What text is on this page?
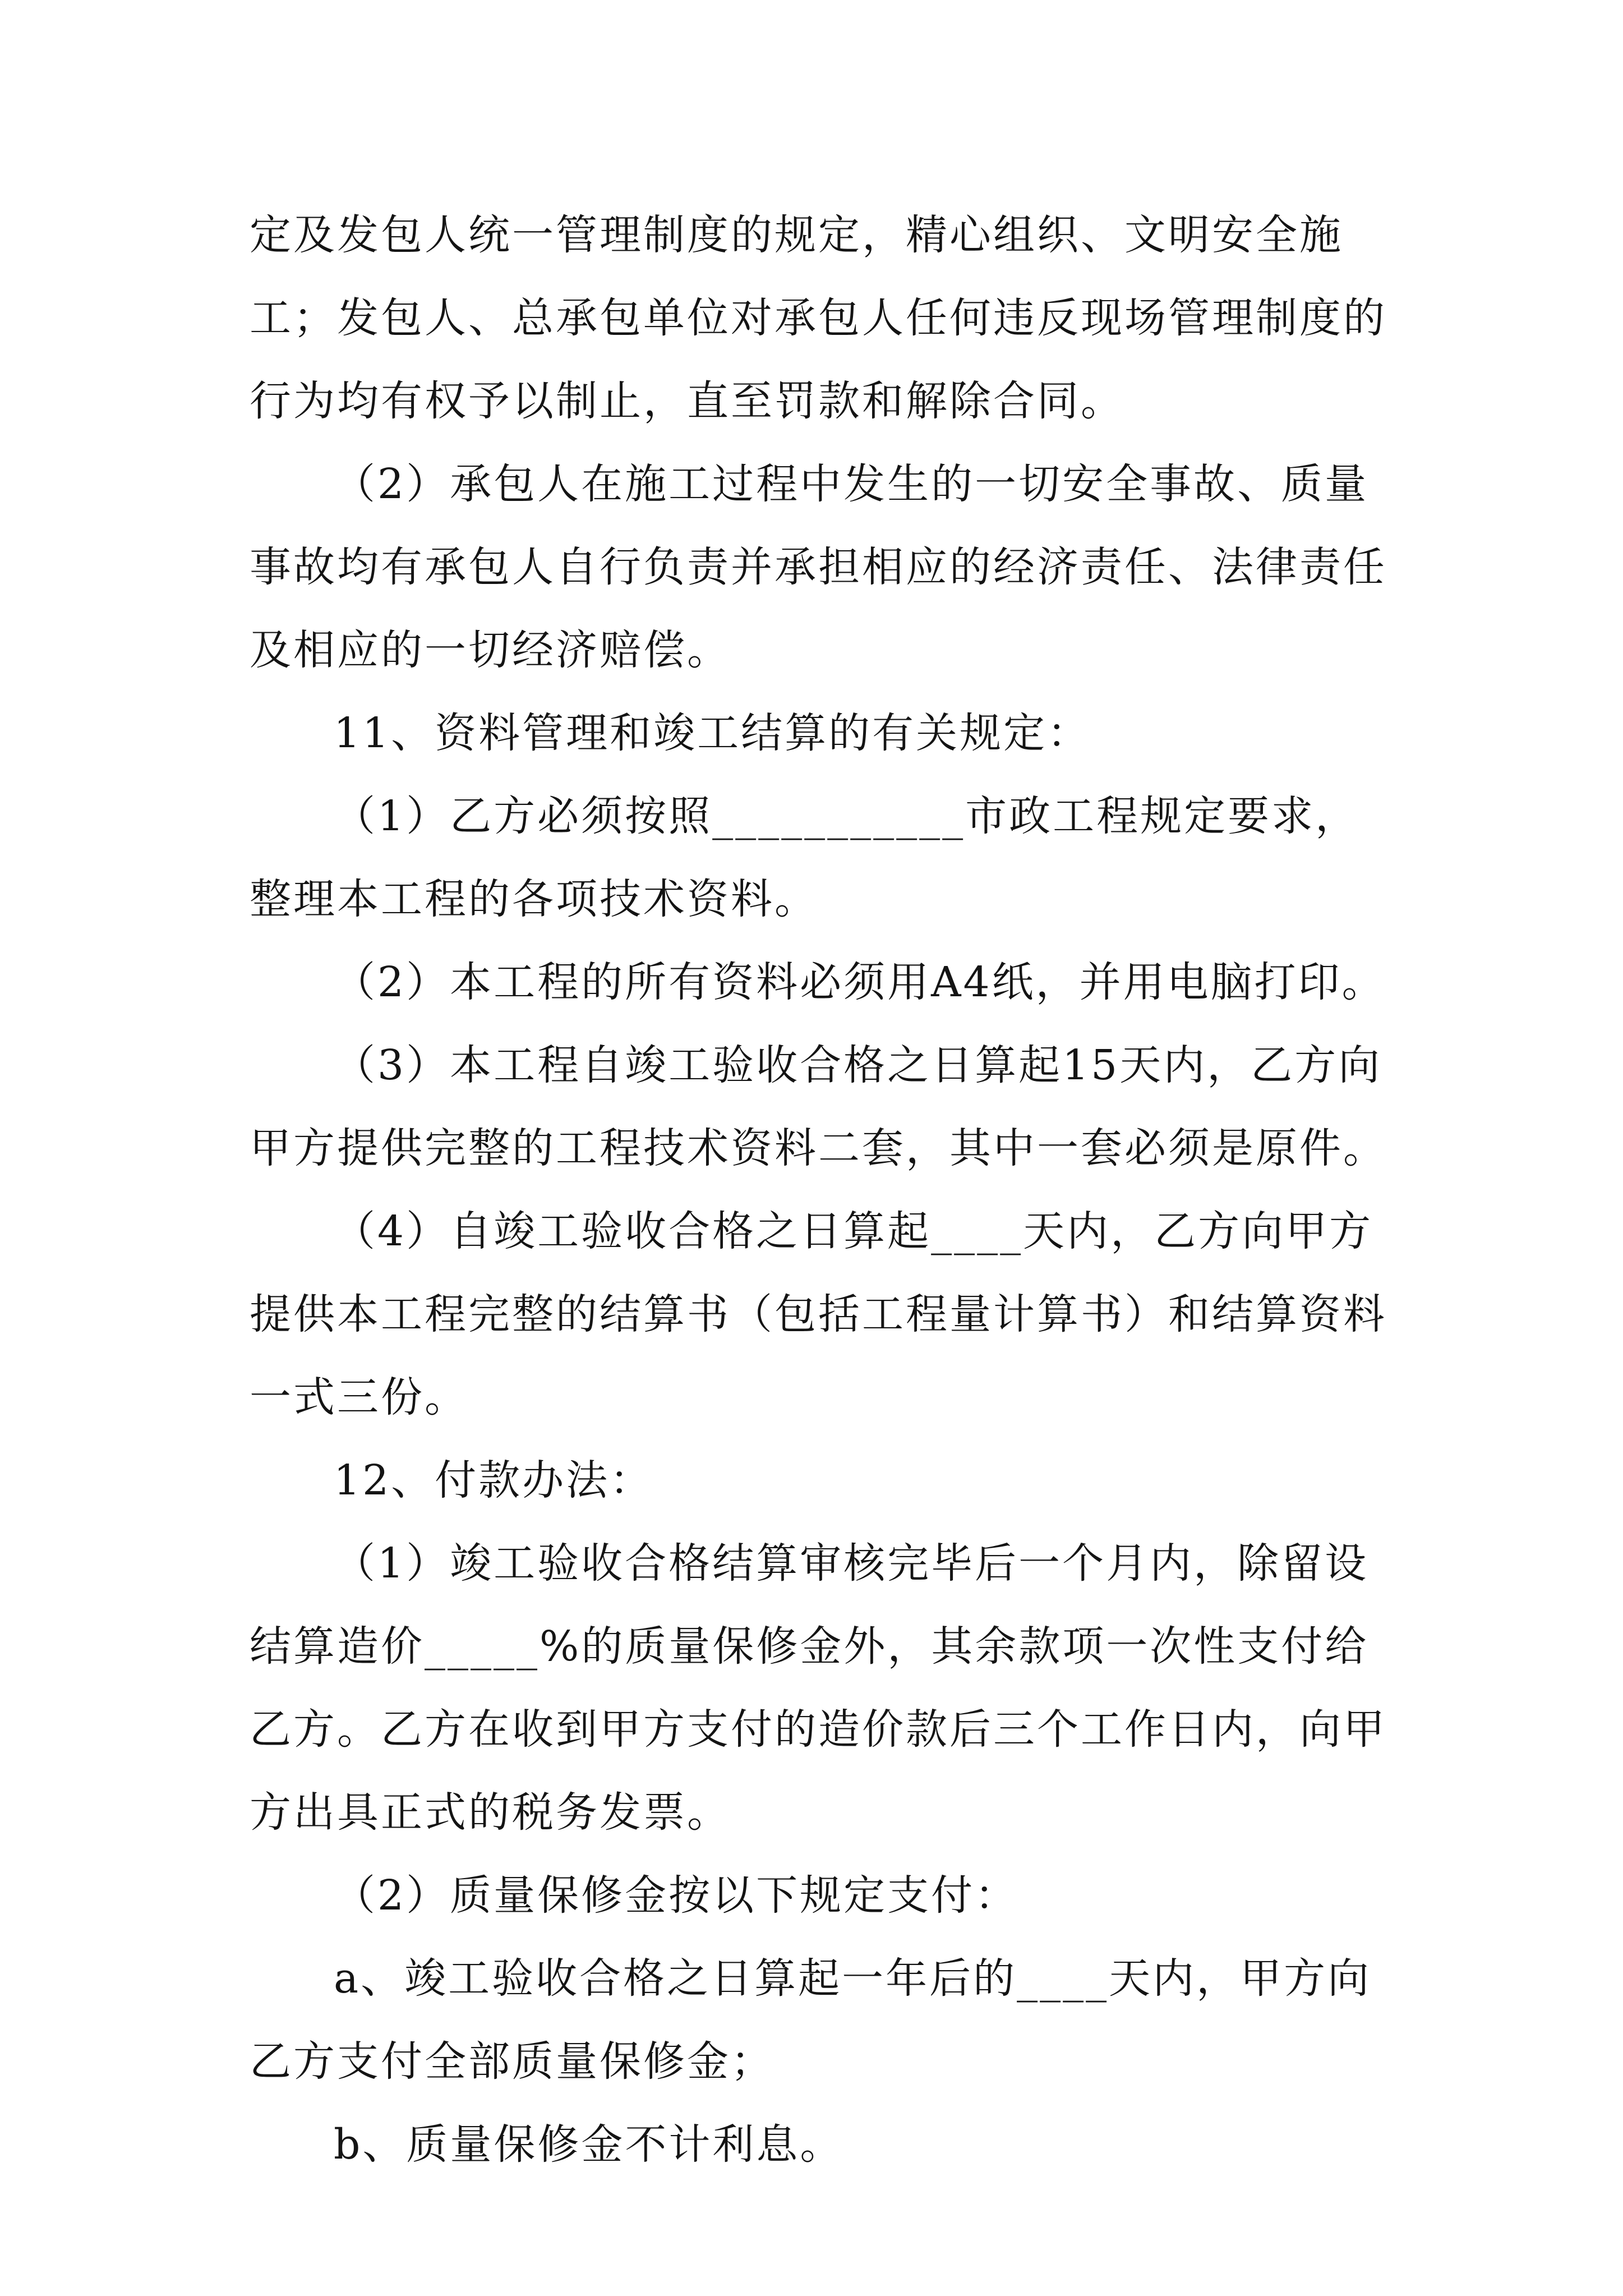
定及发包人统一管理制度的规定，精心组织、文明安全施工；发包人、总承包单位对承包人任何违反现场管理制度的行为均有权予以制止，直至罚款和解除合同。

（2）承包人在施工过程中发生的一切安全事故、质量事故均有承包人自行负责并承担相应的经济责任、法律责任及相应的一切经济赔偿。

11、资料管理和竣工结算的有关规定：

（1）乙方必须按照___________市政工程规定要求，整理本工程的各项技术资料。

（2）本工程的所有资料必须用A4纸，并用电脑打印。

（3）本工程自竣工验收合格之日算起15天内，乙方向甲方提供完整的工程技术资料二套，其中一套必须是原件。

（4）自竣工验收合格之日算起____天内，乙方向甲方提供本工程完整的结算书（包括工程量计算书）和结算资料一式三份。

12、付款办法：

（1）竣工验收合格结算审核完毕后一个月内，除留设结算造价_____%的质量保修金外，其余款项一次性支付给乙方。乙方在收到甲方支付的造价款后三个工作日内，向甲方出具正式的税务发票。

（2）质量保修金按以下规定支付：

a、竣工验收合格之日算起一年后的____天内，甲方向乙方支付全部质量保修金；

b、质量保修金不计利息。
